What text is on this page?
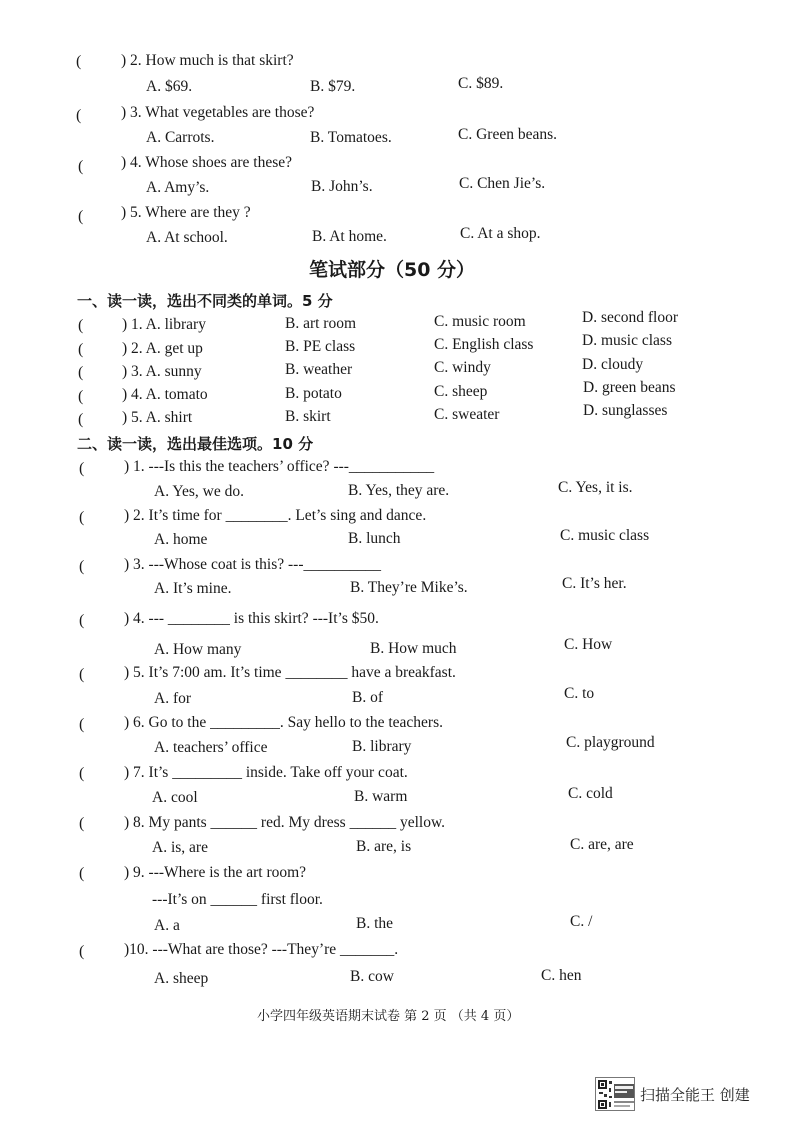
(	) 2. How much is that skirt?
A. $69.	B. $79.	C. $89.
(	) 3. What vegetables are those?
A. Carrots.	B. Tomatoes.	C. Green beans.
( ) 4. Whose shoes are these?
A. Amy’s.	B. John’s.	C. Chen Jie’s.
( ) 5. Where are they ?
A. At school.	B. At home.	C. At a shop.
笔试部分（50 分）
一、读一读，选出不同类的单词。5 分
( ) 1. A. library	B. art room	C. music room	D. second floor
( ) 2. A. get up	B. PE class	C. English class	D. music class
( ) 3. A. sunny	B. weather	C. windy	D. cloudy
( ) 4. A. tomato	B. potato	C. sheep	D. green beans
( ) 5. A. shirt	B. skirt	C. sweater	D. sunglasses
二、读一读，选出最佳选项。10 分
(	) 1. ---Is this the teachers’ office? ---___________
A. Yes, we do.	B. Yes, they are.	C. Yes, it is.
(	) 2. It’s time for ________. Let’s sing and dance.
A. home	B. lunch	C. music class
(	) 3. ---Whose coat is this? ---__________
A. It’s mine.	B. They’re Mike’s.	C. It’s her.
(	) 4. --- ________ is this skirt? ---It’s $50.
A. How many	B. How much	C. How
(	) 5. It’s 7:00 am. It’s time ________ have a breakfast.
A. for	B. of	C. to
(	) 6. Go to the _________. Say hello to the teachers.
A. teachers’ office	B. library	C. playground
(	) 7. It’s _________ inside. Take off your coat.
A. cool	B. warm	C. cold
(	) 8. My pants ______ red. My dress ______ yellow.
A. is, are	B. are, is	C. are, are
(	) 9. ---Where is the art room?
---It’s on ______ first floor.
A. a	B. the	C. /
(	)10. ---What are those? ---They’re _______.
A. sheep	B. cow	C. hen
小学四年级英语期末试卷 第 2 页 （共 4 页）
扫描全能王 创建
